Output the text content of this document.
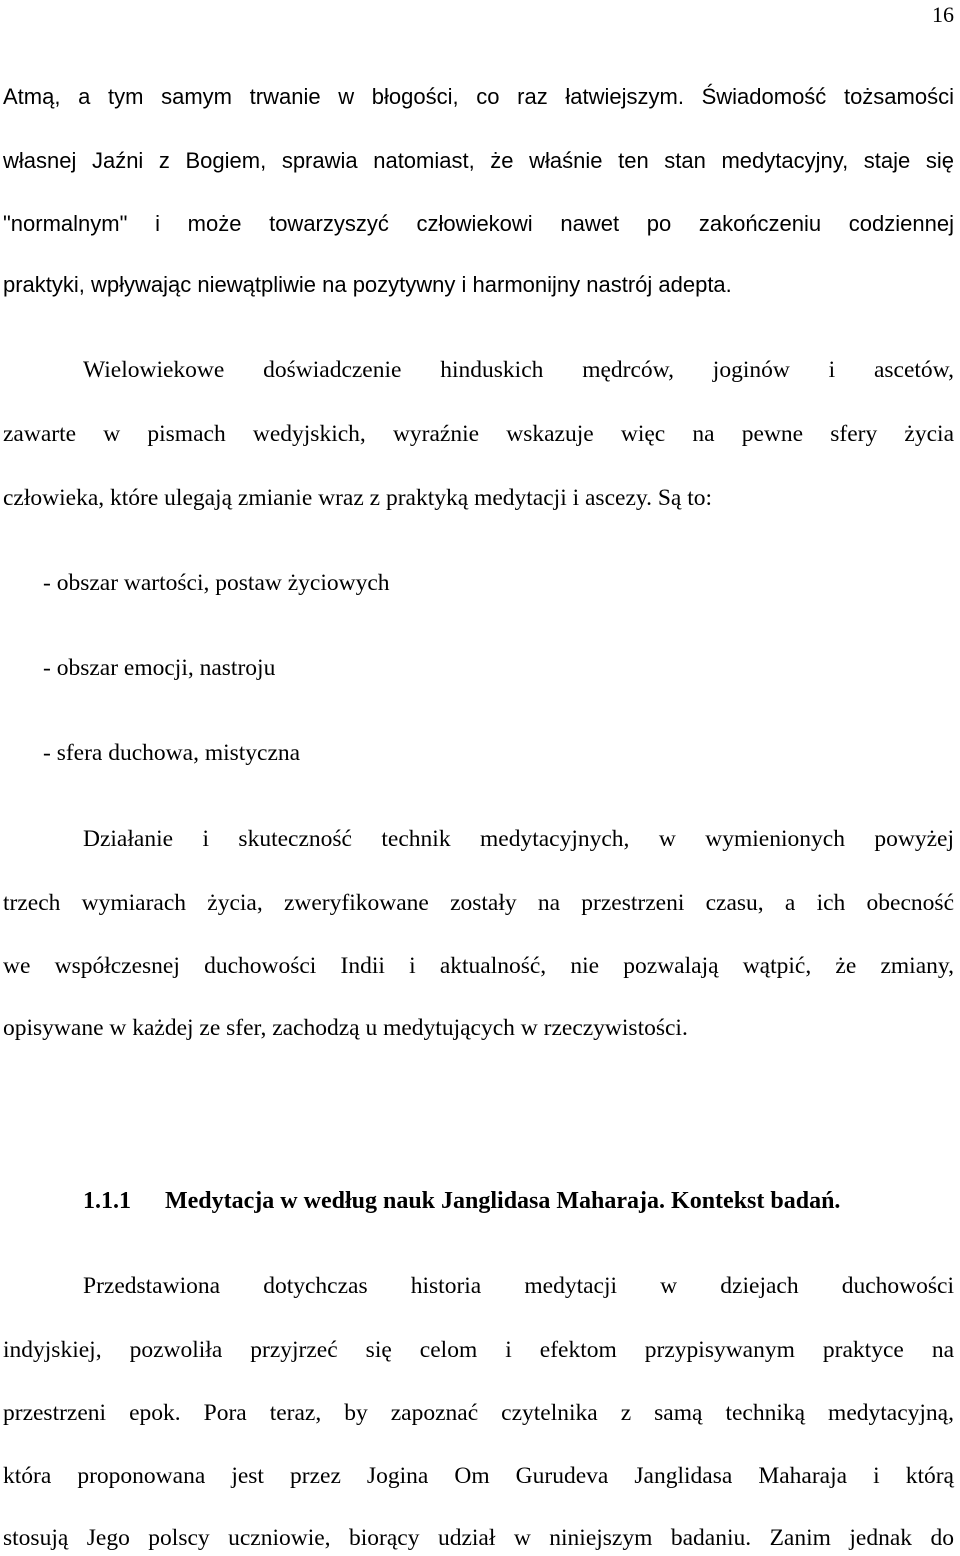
16
Atmą, a tym samym trwanie w błogości, co raz łatwiejszym. Świadomość tożsamości
własnej Jaźni z Bogiem, sprawia natomiast, że właśnie ten stan medytacyjny, staje się
"normalnym" i może towarzyszyć człowiekowi nawet po zakończeniu codziennej
praktyki, wpływając niewątpliwie na pozytywny i harmonijny nastrój adepta.
Wielowiekowe doświadczenie hinduskich mędrców, joginów i ascetów,
zawarte w pismach wedyjskich, wyraźnie wskazuje więc na pewne sfery życia
człowieka, które ulegają zmianie wraz z praktyką medytacji i ascezy. Są to:
- obszar wartości, postaw życiowych
- obszar emocji, nastroju
- sfera duchowa, mistyczna
Działanie i skuteczność technik medytacyjnych, w wymienionych powyżej
trzech wymiarach życia, zweryfikowane zostały na przestrzeni czasu, a ich obecność
we współczesnej duchowości Indii i aktualność, nie pozwalają wątpić, że zmiany,
opisywane w każdej ze sfer, zachodzą u medytujących w rzeczywistości.
1.1.1 Medytacja w według nauk Janglidasa Maharaja. Kontekst badań.
Przedstawiona dotychczas historia medytacji w dziejach duchowości
indyjskiej, pozwoliła przyjrzeć się celom i efektom przypisywanym praktyce na
przestrzeni epok. Pora teraz, by zapoznać czytelnika z samą techniką medytacyjną,
która proponowana jest przez Jogina Om Gurudeva Janglidasa Maharaja i którą
stosują Jego polscy uczniowie, biorący udział w niniejszym badaniu. Zanim jednak do
